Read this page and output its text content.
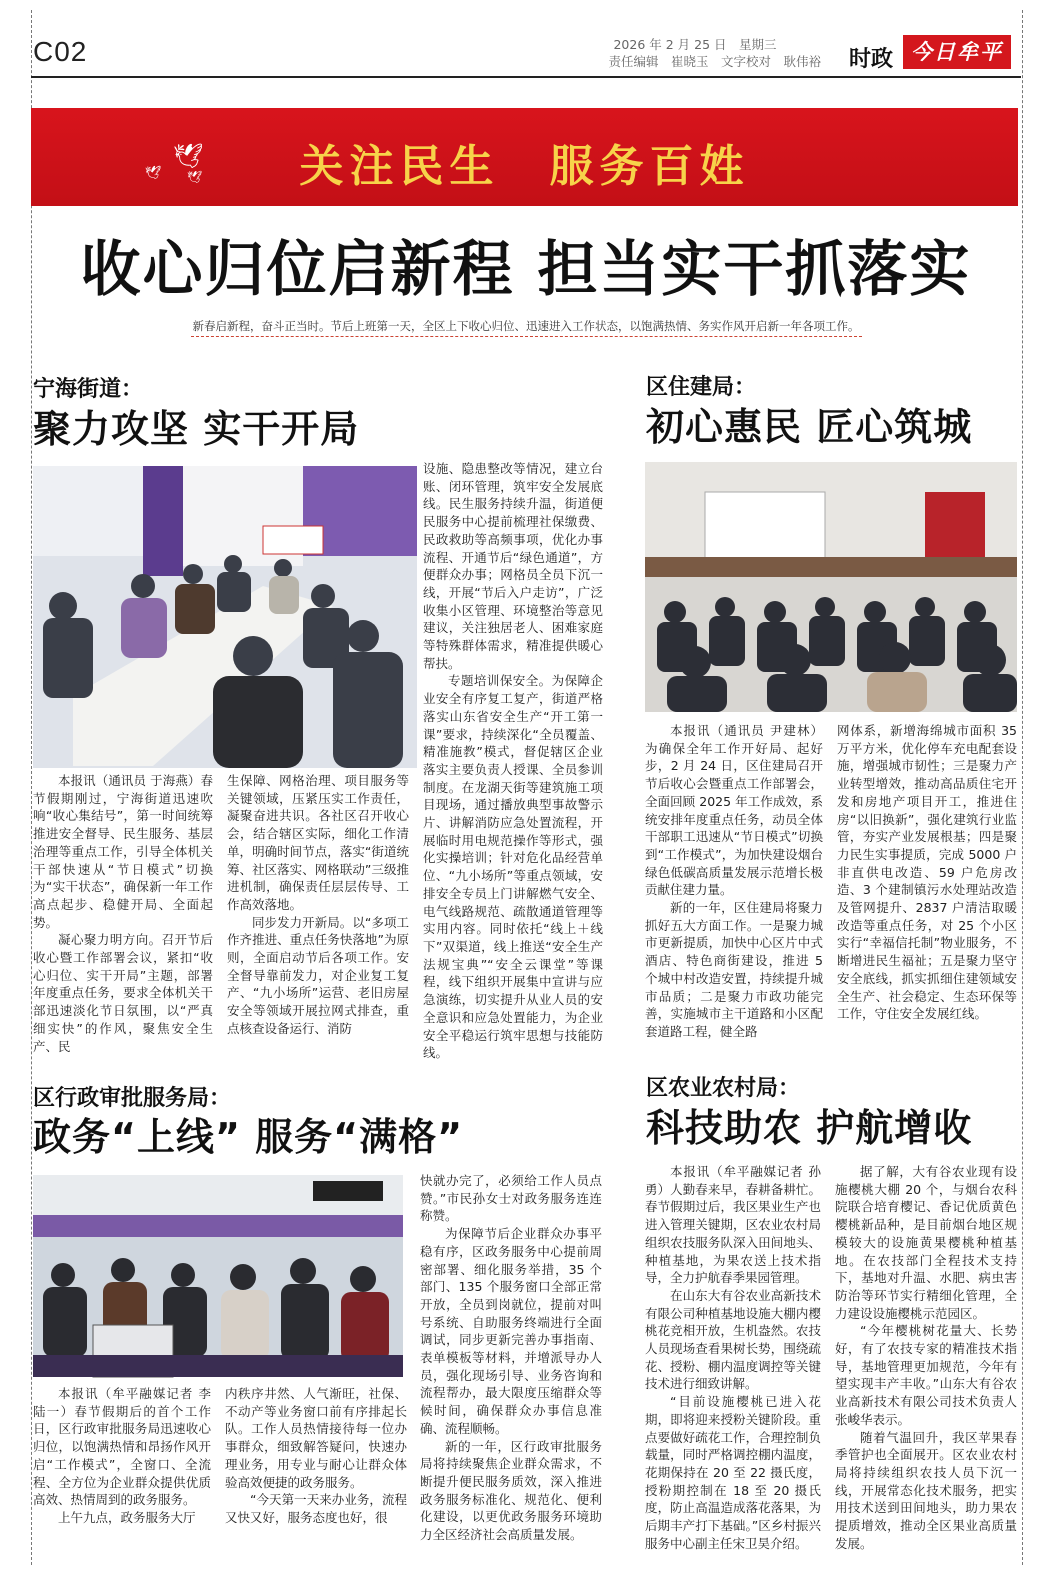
C02	2026 年 2 月 25 日　星期三
责任编辑　崔晓玉　文字校对　耿伟裕 时政 今日牟平
🕊
🕊 🕊	关注民生　服务百姓
收心归位启新程 担当实干抓落实
新春启新程，奋斗正当时。节后上班第一天，全区上下收心归位、迅速进入工作状态，以饱满热情、务实作风开启新一年各项工作。
宁海街道：
聚力攻坚 实干开局

本报讯（通讯员 于海燕）春节假期刚过，宁海街道迅速吹响“收心集结号”，第一时间统筹推进安全督导、民生服务、基层治理等重点工作，引导全体机关干部快速从“节日模式”切换为“实干状态”，确保新一年工作高点起步、稳健开局、全面起势。

凝心聚力明方向。召开节后收心暨工作部署会议，紧扣“收心归位、实干开局”主题，部署年度重点任务，要求全体机关干部迅速淡化节日氛围，以“严真细实快”的作风，聚焦安全生产、民

生保障、网格治理、项目服务等关键领域，压紧压实工作责任，凝聚奋进共识。各社区召开收心会，结合辖区实际，细化工作清单，明确时间节点，落实“街道统筹、社区落实、网格联动”三级推进机制，确保责任层层传导、工作高效落地。

同步发力开新局。以“多项工作齐推进、重点任务快落地”为原则，全面启动节后各项工作。安全督导靠前发力，对企业复工复产、“九小场所”运营、老旧房屋安全等领域开展拉网式排查，重点核查设备运行、消防

设施、隐患整改等情况，建立台账、闭环管理，筑牢安全发展底线。民生服务持续升温，街道便民服务中心提前梳理社保缴费、民政救助等高频事项，优化办事流程、开通节后“绿色通道”，方便群众办事；网格员全员下沉一线，开展“节后入户走访”，广泛收集小区管理、环境整治等意见建议，关注独居老人、困难家庭等特殊群体需求，精准提供暖心帮扶。

专题培训保安全。为保障企业安全有序复工复产，街道严格落实山东省安全生产“开工第一课”要求，持续深化“全员覆盖、精准施教”模式，督促辖区企业落实主要负责人授课、全员参训制度。在龙湖天街等建筑施工项目现场，通过播放典型事故警示片、讲解消防应急处置流程，开展临时用电规范操作等形式，强化实操培训；针对危化品经营单位、“九小场所”等重点领域，安排安全专员上门讲解燃气安全、电气线路规范、疏散通道管理等实用内容。同时依托“线上＋线下”双渠道，线上推送“安全生产法规宝典”“安全云课堂”等课程，线下组织开展集中宣讲与应急演练，切实提升从业人员的安全意识和应急处置能力，为企业安全平稳运行筑牢思想与技能防线。

区住建局：
初心惠民 匠心筑城

本报讯（通讯员 尹建林）为确保全年工作开好局、起好步，2 月 24 日，区住建局召开节后收心会暨重点工作部署会，全面回顾 2025 年工作成效，系统安排年度重点任务，动员全体干部职工迅速从“节日模式”切换到“工作模式”，为加快建设烟台绿色低碳高质量发展示范增长极贡献住建力量。

新的一年，区住建局将聚力抓好五大方面工作。一是聚力城市更新提质，加快中心区片中式酒店、特色商街建设，推进 5 个城中村改造安置，持续提升城市品质；二是聚力市政功能完善，实施城市主干道路和小区配套道路工程，健全路

网体系，新增海绵城市面积 35 万平方米，优化停车充电配套设施，增强城市韧性；三是聚力产业转型增效，推动高品质住宅开发和房地产项目开工，推进住房“以旧换新”，强化建筑行业监管，夯实产业发展根基；四是聚力民生实事提质，完成 5000 户非直供电改造、59 户危房改造、3 个建制镇污水处理站改造及管网提升、2837 户清洁取暖改造等重点任务，对 25 个小区实行“幸福信托制”物业服务，不断增进民生福祉；五是聚力坚守安全底线，抓实抓细住建领域安全生产、社会稳定、生态环保等工作，守住安全发展红线。

区行政审批服务局：
政务“上线” 服务“满格”

本报讯（牟平融媒记者 李陆一）春节假期后的首个工作日，区行政审批服务局迅速收心归位，以饱满热情和昂扬作风开启“工作模式”，全窗口、全流程、全方位为企业群众提供优质高效、热情周到的政务服务。

上午九点，政务服务大厅

内秩序井然、人气渐旺，社保、不动产等业务窗口前有序排起长队。工作人员热情接待每一位办事群众，细致解答疑问，快速办理业务，用专业与耐心让群众体验高效便捷的政务服务。

“今天第一天来办业务，流程又快又好，服务态度也好，很

快就办完了，必须给工作人员点赞。”市民孙女士对政务服务连连称赞。

为保障节后企业群众办事平稳有序，区政务服务中心提前周密部署、细化服务举措，35 个部门、135 个服务窗口全部正常开放，全员到岗就位，提前对叫号系统、自助服务终端进行全面调试，同步更新完善办事指南、表单模板等材料，并增派导办人员，强化现场引导、业务咨询和流程帮办，最大限度压缩群众等候时间，确保群众办事信息准确、流程顺畅。

新的一年，区行政审批服务局将持续聚焦企业群众需求，不断提升便民服务质效，深入推进政务服务标准化、规范化、便利化建设，以更优政务服务环境助力全区经济社会高质量发展。

区农业农村局：
科技助农 护航增收

本报讯（牟平融媒记者 孙勇）人勤春来早，春耕备耕忙。春节假期过后，我区果业生产也进入管理关键期，区农业农村局组织农技服务队深入田间地头、种植基地，为果农送上技术指导，全力护航春季果园管理。

在山东大有谷农业高新技术有限公司种植基地设施大棚内樱桃花竞相开放，生机盎然。农技人员现场查看果树长势，围绕疏花、授粉、棚内温度调控等关键技术进行细致讲解。

“目前设施樱桃已进入花期，即将迎来授粉关键阶段。重点要做好疏花工作，合理控制负载量，同时严格调控棚内温度，花期保持在 20 至 22 摄氏度，授粉期控制在 18 至 20 摄氏度，防止高温造成落花落果，为后期丰产打下基础。”区乡村振兴服务中心副主任宋卫昊介绍。

据了解，大有谷农业现有设施樱桃大棚 20 个，与烟台农科院联合培育樱记、香记优质黄色樱桃新品种，是目前烟台地区规模较大的设施黄果樱桃种植基地。在农技部门全程技术支持下，基地对升温、水肥、病虫害防治等环节实行精细化管理，全力建设设施樱桃示范园区。

“今年樱桃树花量大、长势好，有了农技专家的精准技术指导，基地管理更加规范，今年有望实现丰产丰收。”山东大有谷农业高新技术有限公司技术负责人张峻华表示。

随着气温回升，我区苹果春季管护也全面展开。区农业农村局将持续组织农技人员下沉一线，开展常态化技术服务，把实用技术送到田间地头，助力果农提质增效，推动全区果业高质量发展。
